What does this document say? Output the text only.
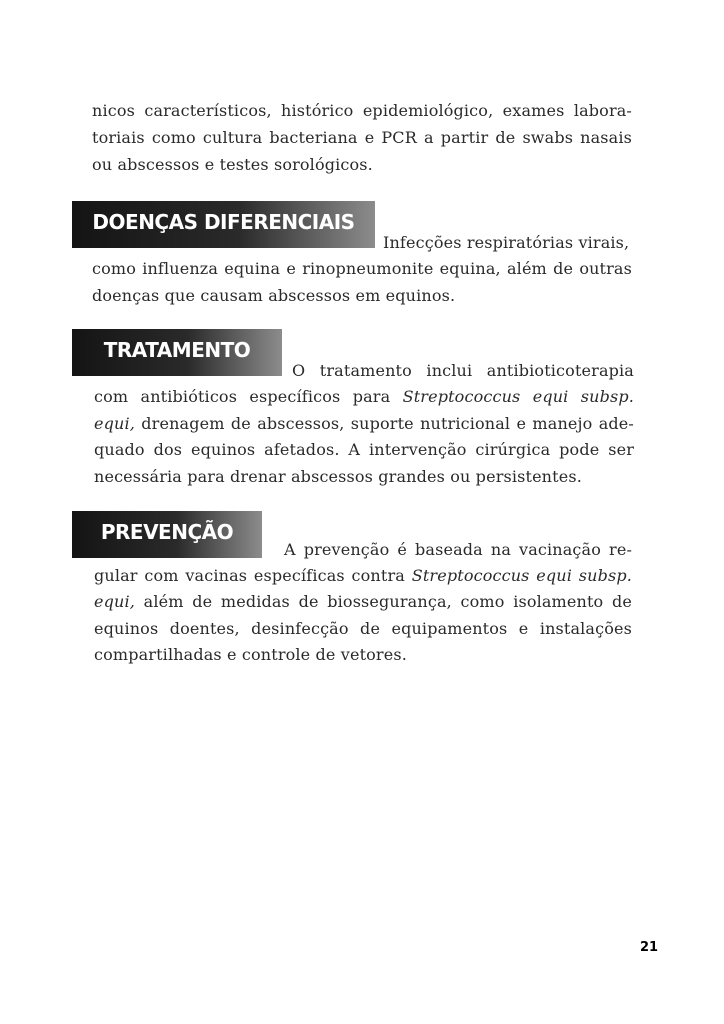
nicos característicos, histórico epidemiológico, exames labora-
toriais como cultura bacteriana e PCR a partir de swabs nasais
ou abscessos e testes sorológicos.
DOENÇAS DIFERENCIAIS
Infecções respiratórias virais,
como influenza equina e rinopneumonite equina, além de outras
doenças que causam abscessos em equinos.
TRATAMENTO
O tratamento inclui antibioticoterapia
com antibióticos específicos para Streptococcus equi subsp.
equi, drenagem de abscessos, suporte nutricional e manejo ade-
quado dos equinos afetados. A intervenção cirúrgica pode ser
necessária para drenar abscessos grandes ou persistentes.
PREVENÇÃO
A prevenção é baseada na vacinação re-
gular com vacinas específicas contra Streptococcus equi subsp.
equi, além de medidas de biossegurança, como isolamento de
equinos doentes, desinfecção de equipamentos e instalações
compartilhadas e controle de vetores.
21
